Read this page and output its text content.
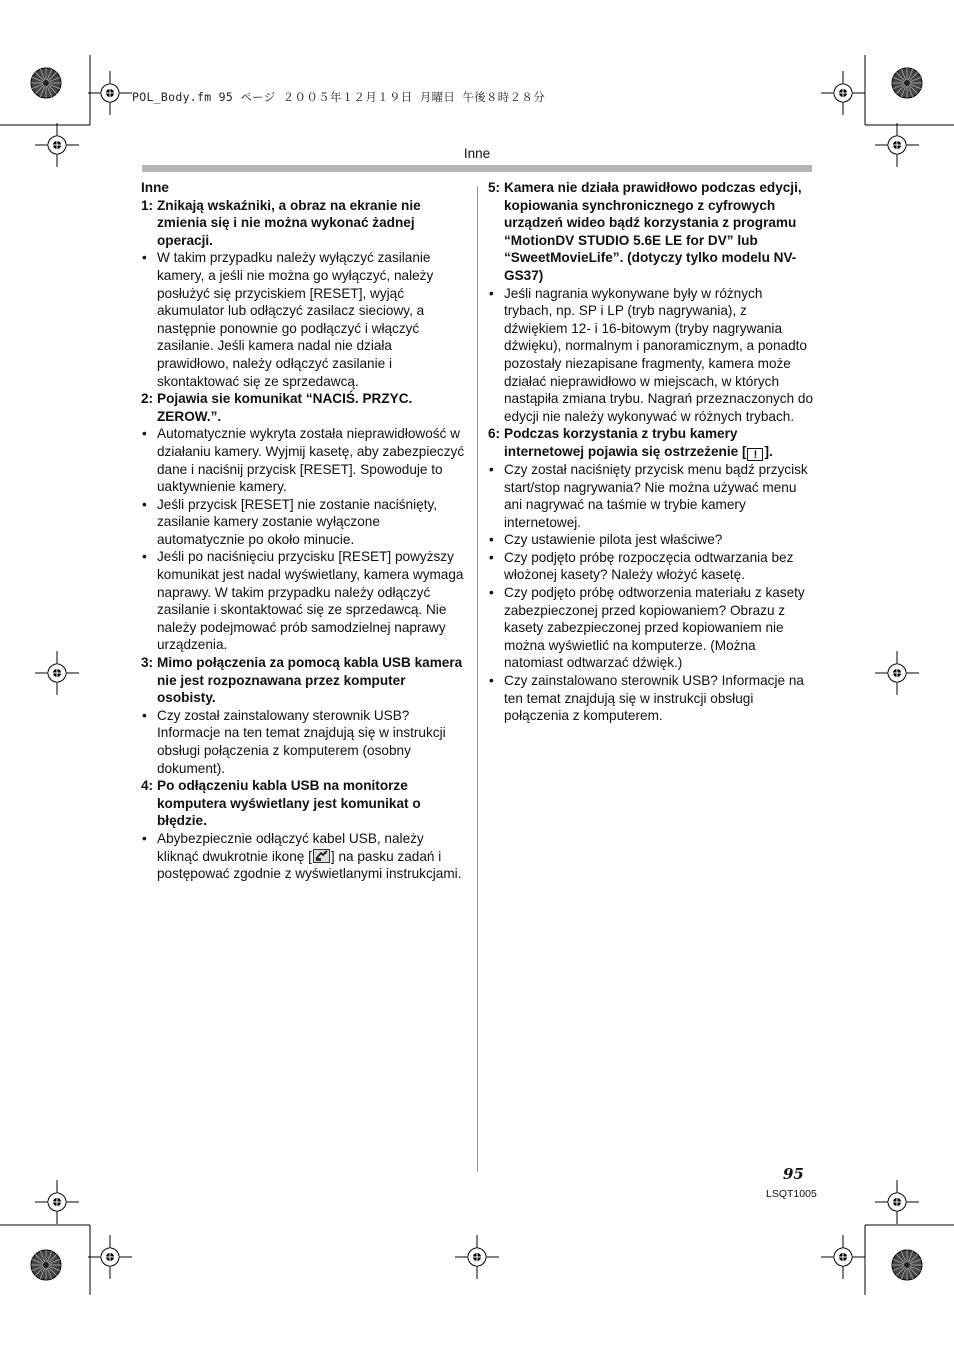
POL_Body.fm 95 ページ ２００５年１２月１９日 月曜日 午後８時２８分
Inne

Inne

1: Znikają wskaźniki, a obraz na ekranie nie zmienia się i nie można wykonać żadnej operacji.
• W takim przypadku należy wyłączyć zasilanie kamery, a jeśli nie można go wyłączyć, należy posłużyć się przyciskiem [RESET], wyjąć akumulator lub odłączyć zasilacz sieciowy, a następnie ponownie go podłączyć i włączyć zasilanie. Jeśli kamera nadal nie działa prawidłowo, należy odłączyć zasilanie i skontaktować się ze sprzedawcą.
2: Pojawia sie komunikat “NACIŚ. PRZYC. ZEROW.”.
• Automatycznie wykryta została nieprawidłowość w działaniu kamery. Wyjmij kasetę, aby zabezpieczyć dane i naciśnij przycisk [RESET]. Spowoduje to uaktywnienie kamery.
• Jeśli przycisk [RESET] nie zostanie naciśnięty, zasilanie kamery zostanie wyłączone automatycznie po około minucie.
• Jeśli po naciśnięciu przycisku [RESET] powyższy komunikat jest nadal wyświetlany, kamera wymaga naprawy. W takim przypadku należy odłączyć zasilanie i skontaktować się ze sprzedawcą. Nie należy podejmować prób samodzielnej naprawy urządzenia.
3: Mimo połączenia za pomocą kabla USB kamera nie jest rozpoznawana przez komputer osobisty.
• Czy został zainstalowany sterownik USB? Informacje na ten temat znajdują się w instrukcji obsługi połączenia z komputerem (osobny dokument).
4: Po odłączeniu kabla USB na monitorze komputera wyświetlany jest komunikat o błędzie.
• Abybezpiecznie odłączyć kabel USB, należy kliknąć dwukrotnie ikonę [ ] na pasku zadań i postępować zgodnie z wyświetlanymi instrukcjami.
5: Kamera nie działa prawidłowo podczas edycji, kopiowania synchronicznego z cyfrowych urządzeń wideo bądź korzystania z programu “MotionDV STUDIO 5.6E LE for DV” lub “SweetMovieLife”. (dotyczy tylko modelu NV-GS37)
• Jeśli nagrania wykonywane były w różnych trybach, np. SP i LP (tryb nagrywania), z dźwiękiem 12- i 16-bitowym (tryby nagrywania dźwięku), normalnym i panoramicznym, a ponadto pozostały niezapisane fragmenty, kamera może działać nieprawidłowo w miejscach, w których nastąpiła zmiana trybu. Nagrań przeznaczonych do edycji nie należy wykonywać w różnych trybach.
6: Podczas korzystania z trybu kamery internetowej pojawia się ostrzeżenie [ ! ].
• Czy został naciśnięty przycisk menu bądź przycisk start/stop nagrywania? Nie można używać menu ani nagrywać na taśmie w trybie kamery internetowej.
• Czy ustawienie pilota jest właściwe?
• Czy podjęto próbę rozpoczęcia odtwarzania bez włożonej kasety? Należy włożyć kasetę.
• Czy podjęto próbę odtworzenia materiału z kasety zabezpieczonej przed kopiowaniem? Obrazu z kasety zabezpieczonej przed kopiowaniem nie można wyświetlić na komputerze. (Można natomiast odtwarzać dźwięk.)
• Czy zainstalowano sterownik USB? Informacje na ten temat znajdują się w instrukcji obsługi połączenia z komputerem.
95
LSQT1005
